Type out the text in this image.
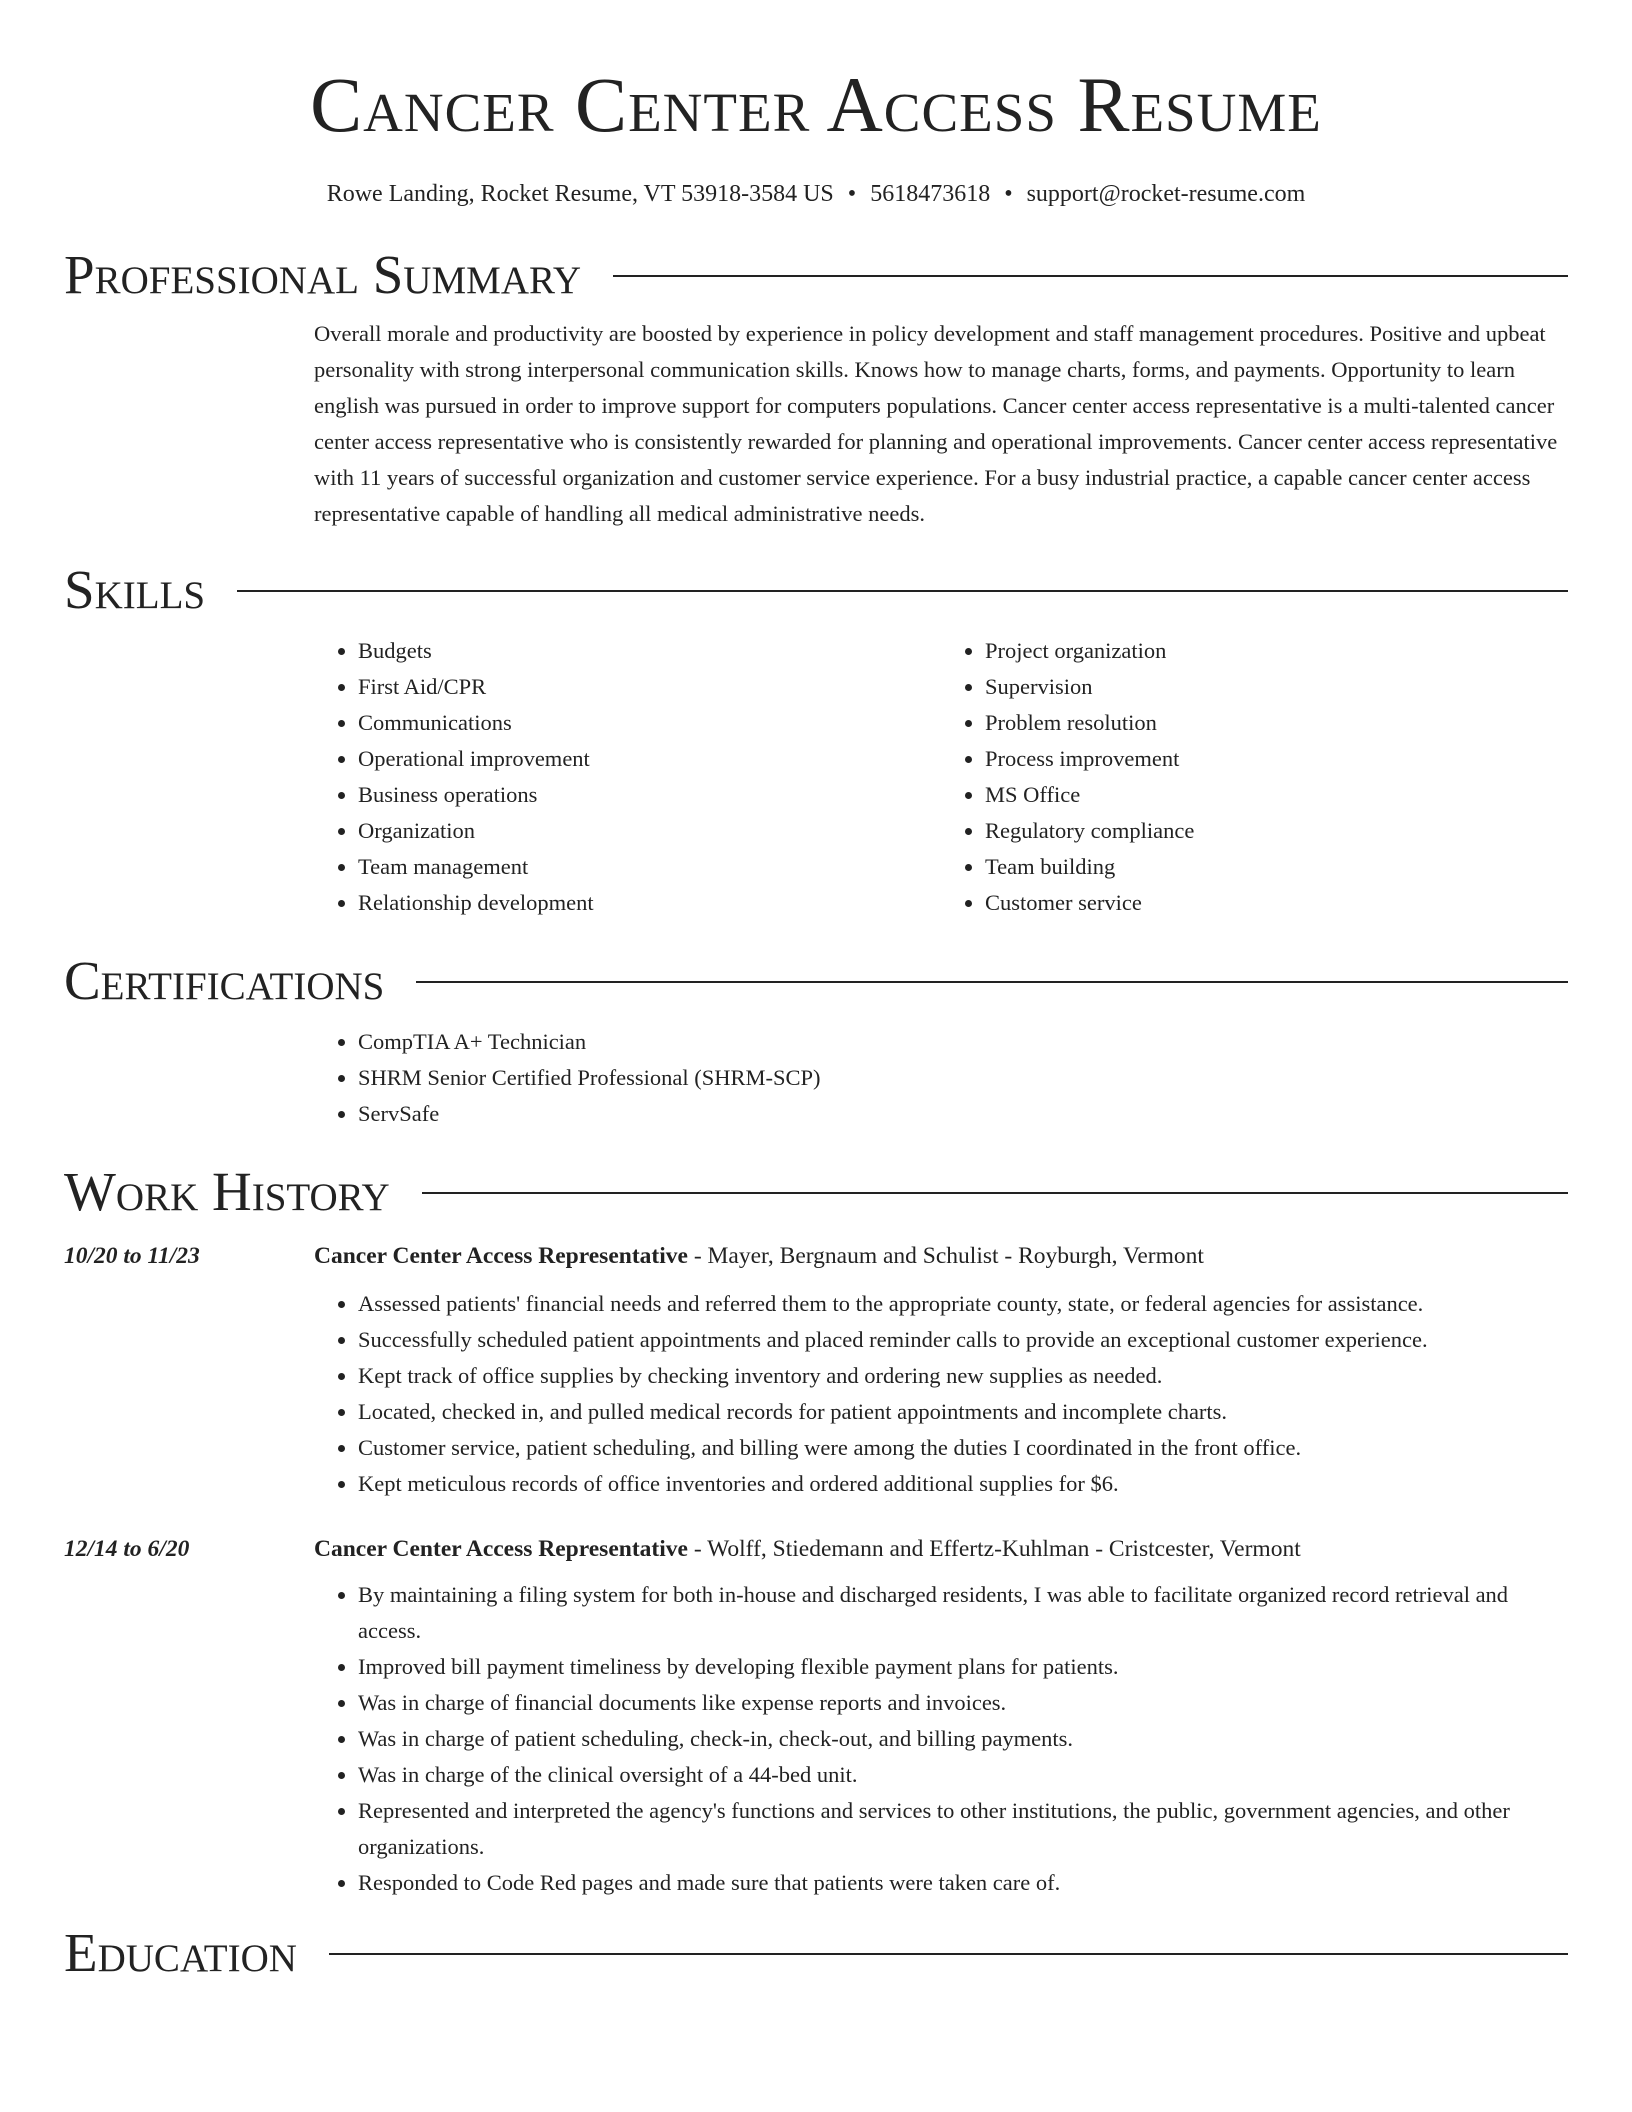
Cancer Center Access Resume
Rowe Landing, Rocket Resume, VT 53918-3584 US • 5618473618 • support@rocket-resume.com
Professional Summary

Overall morale and productivity are boosted by experience in policy development and staff management procedures. Positive and upbeat personality with strong interpersonal communication skills. Knows how to manage charts, forms, and payments. Opportunity to learn english was pursued in order to improve support for computers populations. Cancer center access representative is a multi-talented cancer center access representative who is consistently rewarded for planning and operational improvements. Cancer center access representative with 11 years of successful organization and customer service experience. For a busy industrial practice, a capable cancer center access representative capable of handling all medical administrative needs.

Skills
• Budgets
• First Aid/CPR
• Communications
• Operational improvement
• Business operations
• Organization
• Team management
• Relationship development
• Project organization
• Supervision
• Problem resolution
• Process improvement
• MS Office
• Regulatory compliance
• Team building
• Customer service
Certifications
• CompTIA A+ Technician
• SHRM Senior Certified Professional (SHRM-SCP)
• ServSafe
Work History
10/20 to 11/23	Cancer Center Access Representative - Mayer, Bergnaum and Schulist - Royburgh, Vermont
• Assessed patients' financial needs and referred them to the appropriate county, state, or federal agencies for assistance.
• Successfully scheduled patient appointments and placed reminder calls to provide an exceptional customer experience.
• Kept track of office supplies by checking inventory and ordering new supplies as needed.
• Located, checked in, and pulled medical records for patient appointments and incomplete charts.
• Customer service, patient scheduling, and billing were among the duties I coordinated in the front office.
• Kept meticulous records of office inventories and ordered additional supplies for $6.
12/14 to 6/20	Cancer Center Access Representative - Wolff, Stiedemann and Effertz-Kuhlman - Cristcester, Vermont
• By maintaining a filing system for both in-house and discharged residents, I was able to facilitate organized record retrieval and access.
• Improved bill payment timeliness by developing flexible payment plans for patients.
• Was in charge of financial documents like expense reports and invoices.
• Was in charge of patient scheduling, check-in, check-out, and billing payments.
• Was in charge of the clinical oversight of a 44-bed unit.
• Represented and interpreted the agency's functions and services to other institutions, the public, government agencies, and other organizations.
• Responded to Code Red pages and made sure that patients were taken care of.
Education
